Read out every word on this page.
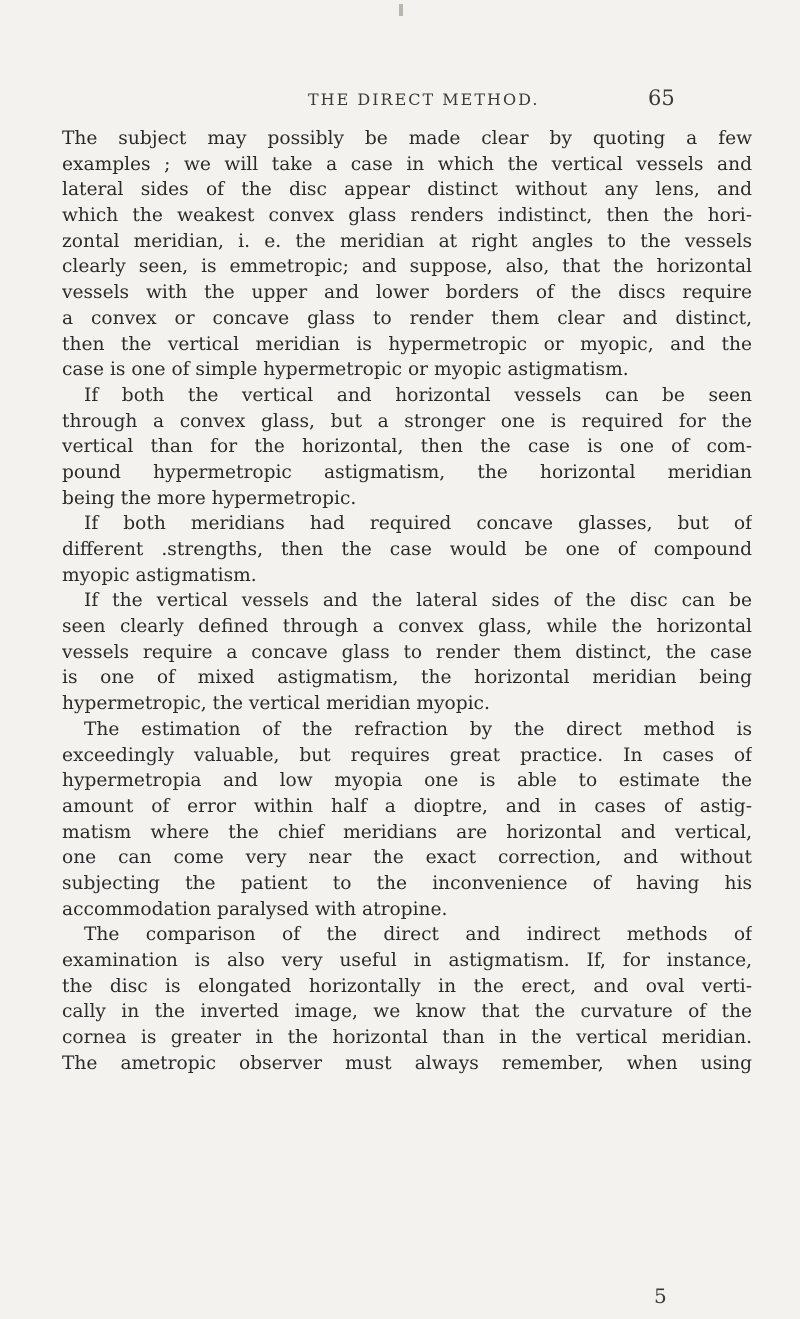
THE DIRECT METHOD.	65
The subject may possibly be made clear by quoting a few
examples ; we will take a case in which the vertical vessels and
lateral sides of the disc appear distinct without any lens, and
which the weakest convex glass renders indistinct, then the hori-
zontal meridian, i. e. the meridian at right angles to the vessels
clearly seen, is emmetropic; and suppose, also, that the horizontal
vessels with the upper and lower borders of the discs require
a convex or concave glass to render them clear and distinct,
then the vertical meridian is hypermetropic or myopic, and the
case is one of simple hypermetropic or myopic astigmatism.
If both the vertical and horizontal vessels can be seen
through a convex glass, but a stronger one is required for the
vertical than for the horizontal, then the case is one of com-
pound hypermetropic astigmatism, the horizontal meridian
being the more hypermetropic.
If both meridians had required concave glasses, but of
different .strengths, then the case would be one of compound
myopic astigmatism.
If the vertical vessels and the lateral sides of the disc can be
seen clearly defined through a convex glass, while the horizontal
vessels require a concave glass to render them distinct, the case
is one of mixed astigmatism, the horizontal meridian being
hypermetropic, the vertical meridian myopic.
The estimation of the refraction by the direct method is
exceedingly valuable, but requires great practice. In cases of
hypermetropia and low myopia one is able to estimate the
amount of error within half a dioptre, and in cases of astig-
matism where the chief meridians are horizontal and vertical,
one can come very near the exact correction, and without
subjecting the patient to the inconvenience of having his
accommodation paralysed with atropine.
The comparison of the direct and indirect methods of
examination is also very useful in astigmatism. If, for instance,
the disc is elongated horizontally in the erect, and oval verti-
cally in the inverted image, we know that the curvature of the
cornea is greater in the horizontal than in the vertical meridian.
The ametropic observer must always remember, when using
5
